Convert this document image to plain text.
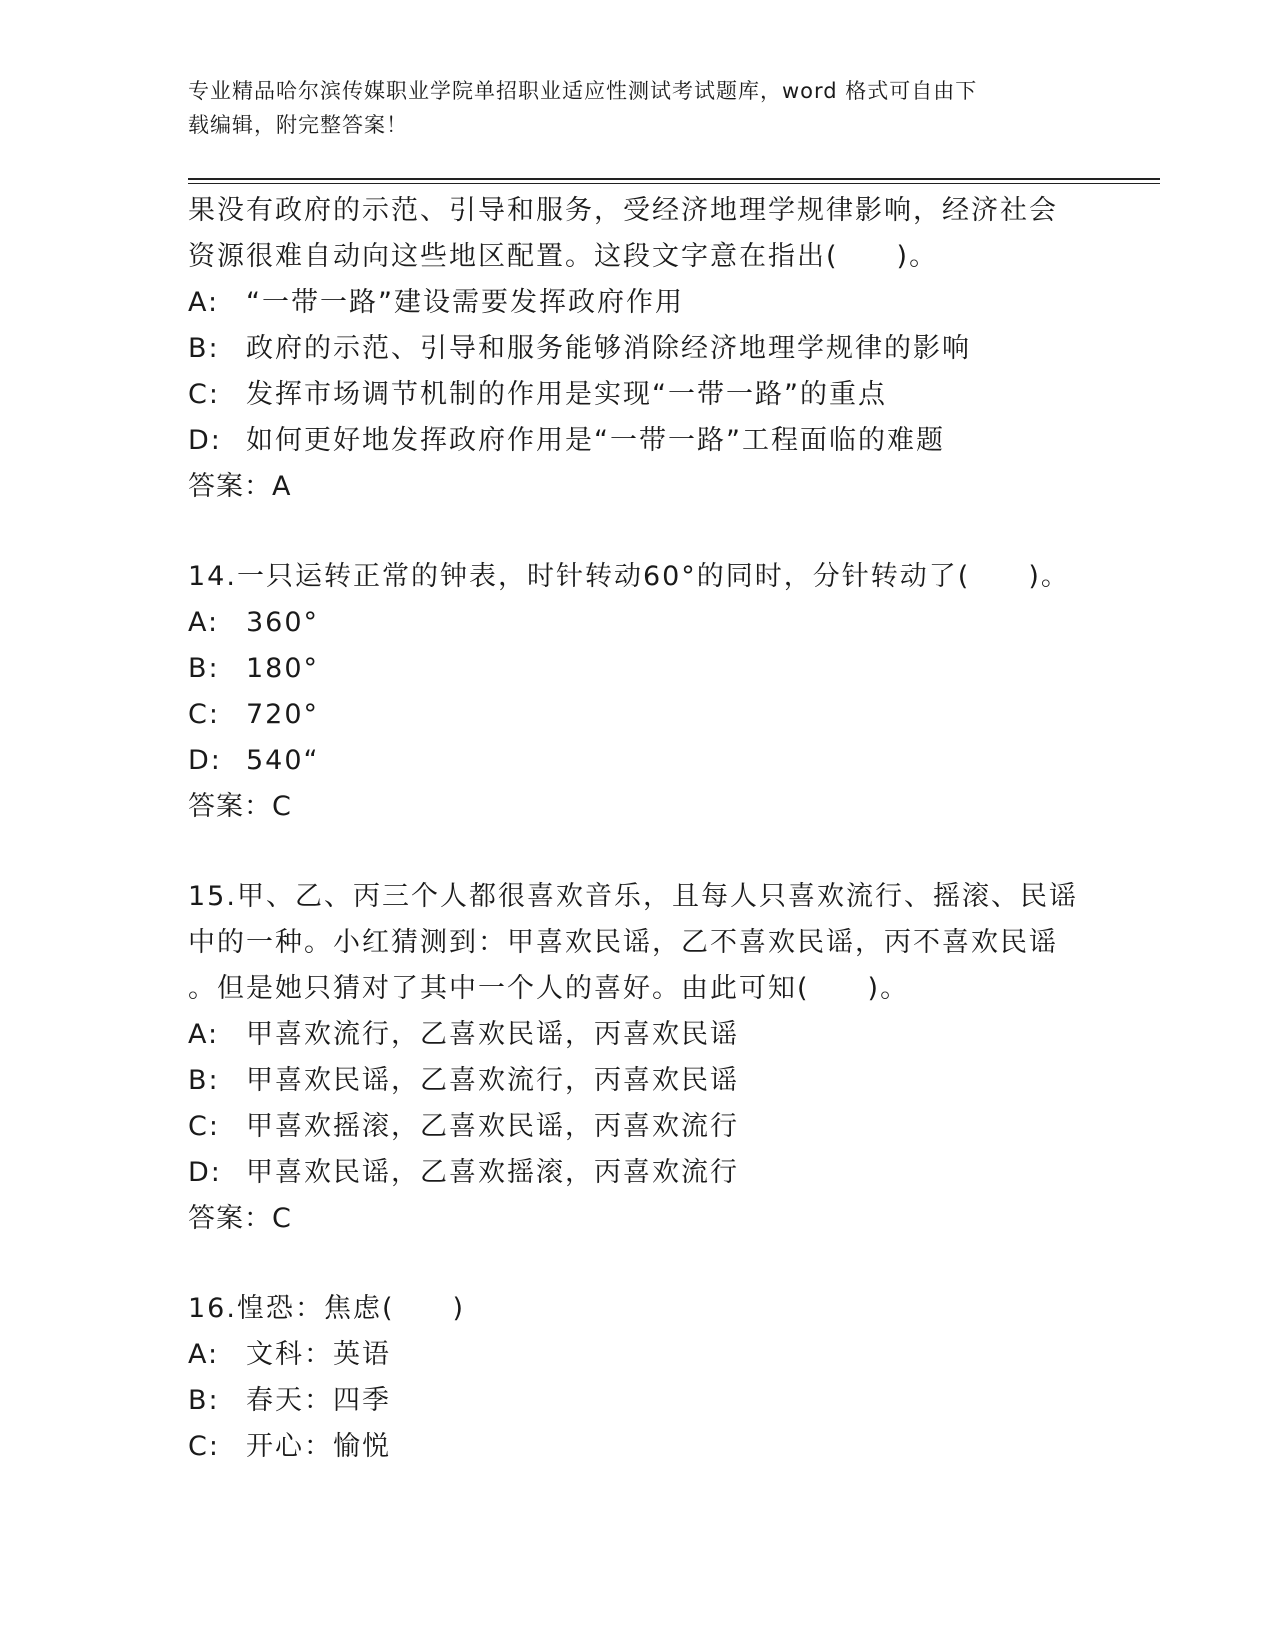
专业精品哈尔滨传媒职业学院单招职业适应性测试考试题库，word 格式可自由下
载编辑，附完整答案！
果没有政府的示范、引导和服务，受经济地理学规律影响，经济社会
资源很难自动向这些地区配置。这段文字意在指出(　　)。
A: “一带一路”建设需要发挥政府作用
B: 政府的示范、引导和服务能够消除经济地理学规律的影响
C: 发挥市场调节机制的作用是实现“一带一路”的重点
D: 如何更好地发挥政府作用是“一带一路”工程面临的难题
答案：A
14.一只运转正常的钟表，时针转动60°的同时，分针转动了(　　)。
A: 360°
B: 180°
C: 720°
D: 540“
答案：C
15.甲、乙、丙三个人都很喜欢音乐，且每人只喜欢流行、摇滚、民谣
中的一种。小红猜测到：甲喜欢民谣，乙不喜欢民谣，丙不喜欢民谣
。但是她只猜对了其中一个人的喜好。由此可知(　　)。
A: 甲喜欢流行，乙喜欢民谣，丙喜欢民谣
B: 甲喜欢民谣，乙喜欢流行，丙喜欢民谣
C: 甲喜欢摇滚，乙喜欢民谣，丙喜欢流行
D: 甲喜欢民谣，乙喜欢摇滚，丙喜欢流行
答案：C
16.惶恐：焦虑(　　)
A: 文科：英语
B: 春天：四季
C: 开心：愉悦
